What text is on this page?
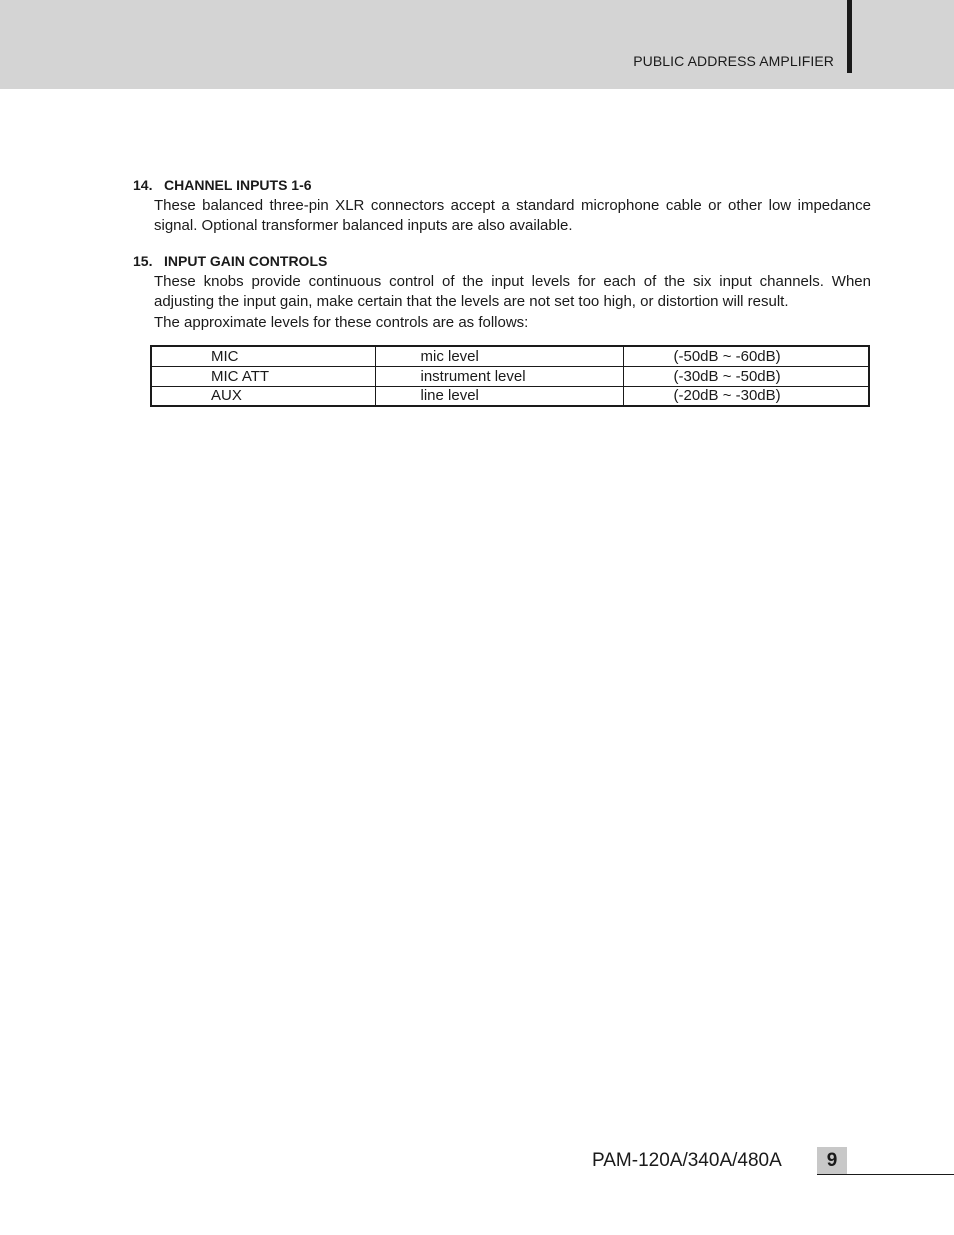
PUBLIC ADDRESS AMPLIFIER
14. CHANNEL INPUTS 1-6

These balanced three-pin XLR connectors accept a standard microphone cable or other low impedance signal. Optional transformer balanced inputs are also available.

15. INPUT GAIN CONTROLS

These knobs provide continuous control of the input levels for each of the six input channels. When adjusting the input gain, make certain that the levels are not set too high, or distortion will result.

The approximate levels for these controls are as follows:

MIC	mic level	(-50dB ~ -60dB)
MIC ATT	instrument level	(-30dB ~ -50dB)
AUX	line level	(-20dB ~ -30dB)
PAM-120A/340A/480A	9
